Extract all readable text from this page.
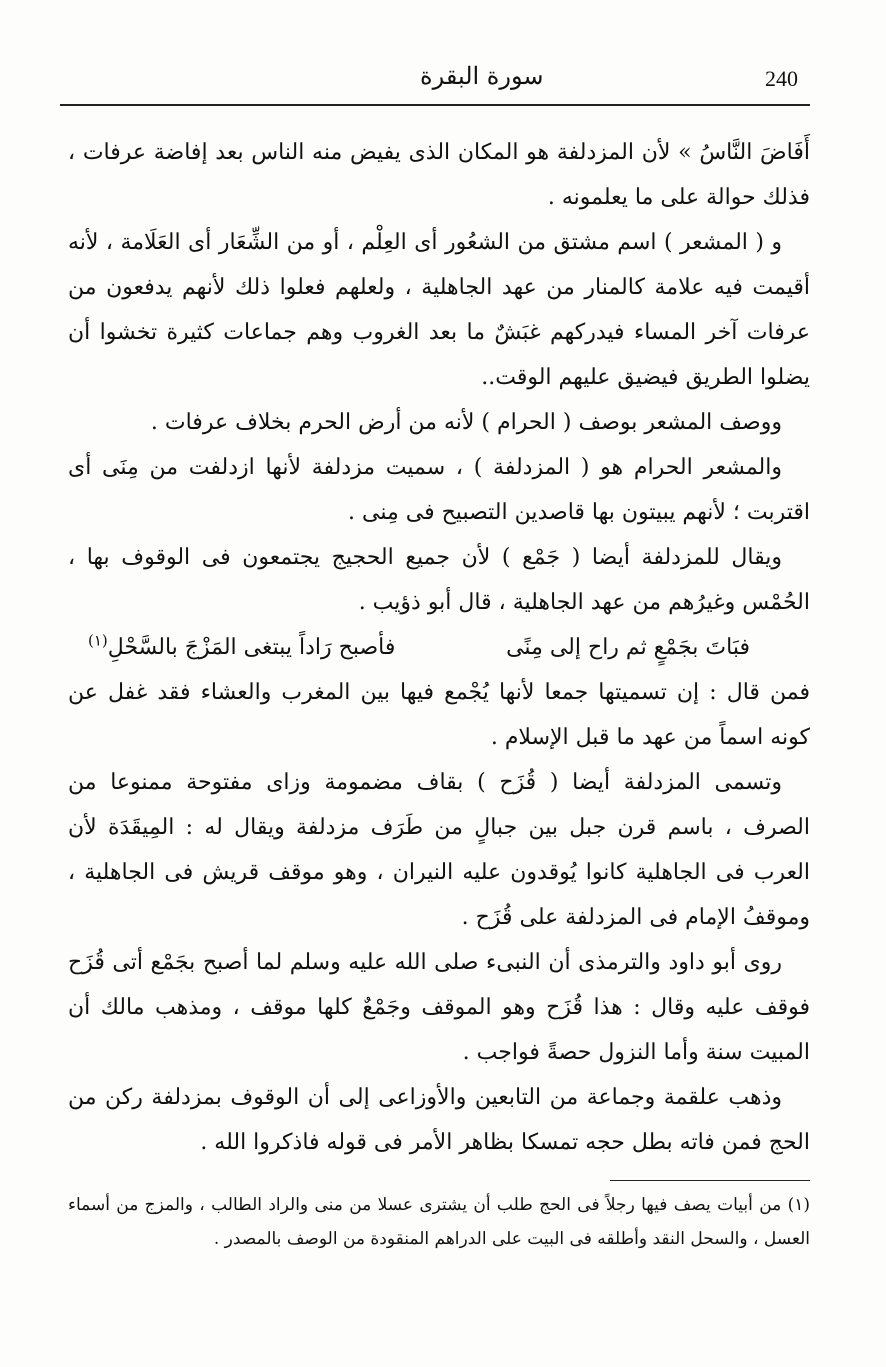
240
سورة البقرة

أَفَاضَ النَّاسُ » لأن المزدلفة هو المكان الذى يفيض منه الناس بعد إفاضة عرفات ، فذلك حوالة على ما يعلمونه .

و ( المشعر ) اسم مشتق من الشعُور أى العِلْم ، أو من الشِّعَار أى العَلَامة ، لأنه أقيمت فيه علامة كالمنار من عهد الجاهلية ، ولعلهم فعلوا ذلك لأنهم يدفعون من عرفات آخر المساء فيدركهم غبَشٌ ما بعد الغروب وهم جماعات كثيرة تخشوا أن يضلوا الطريق فيضيق عليهم الوقت..

ووصف المشعر بوصف ( الحرام ) لأنه من أرض الحرم بخلاف عرفات .

والمشعر الحرام هو ( المزدلفة ) ، سميت مزدلفة لأنها ازدلفت من مِنَى أى اقتربت ؛ لأنهم يبيتون بها قاصدين التصبيح فى مِنى .

ويقال للمزدلفة أيضا ( جَمْع ) لأن جميع الحجيج يجتمعون فى الوقوف بها ، الحُمْس وغيرُهم من عهد الجاهلية ، قال أبو ذؤيب .

فبَاتَ بجَمْعٍ ثم راح إلى مِنًى
فأصبح رَاداً يبتغى المَزْجَ بالسَّحْلِ$^{(١)}$

فمن قال : إن تسميتها جمعا لأنها يُجْمع فيها بين المغرب والعشاء فقد غفل عن كونه اسماً من عهد ما قبل الإسلام .

وتسمى المزدلفة أيضا ( قُزَح ) بقاف مضمومة وزاى مفتوحة ممنوعا من الصرف ، باسم قرن جبل بين جبالٍ من طَرَف مزدلفة ويقال له : المِيقَدَة لأن العرب فى الجاهلية كانوا يُوقدون عليه النيران ، وهو موقف قريش فى الجاهلية ، وموقفُ الإمام فى المزدلفة على قُزَح .

روى أبو داود والترمذى أن النبىء صلى الله عليه وسلم لما أصبح بجَمْع أتى قُزَح فوقف عليه وقال : هذا قُزَح وهو الموقف وجَمْعٌ كلها موقف ، ومذهب مالك أن المبيت سنة وأما النزول حصةً فواجب .

وذهب علقمة وجماعة من التابعين والأوزاعى إلى أن الوقوف بمزدلفة ركن من الحج فمن فاته بطل حجه تمسكا بظاهر الأمر فى قوله فاذكروا الله .

(١) من أبيات يصف فيها رجلاً فى الحج طلب أن يشترى عسلا من منى والراد الطالب ، والمزج من أسماء العسل ، والسحل النقد وأطلقه فى البيت على الدراهم المنقودة من الوصف بالمصدر .
